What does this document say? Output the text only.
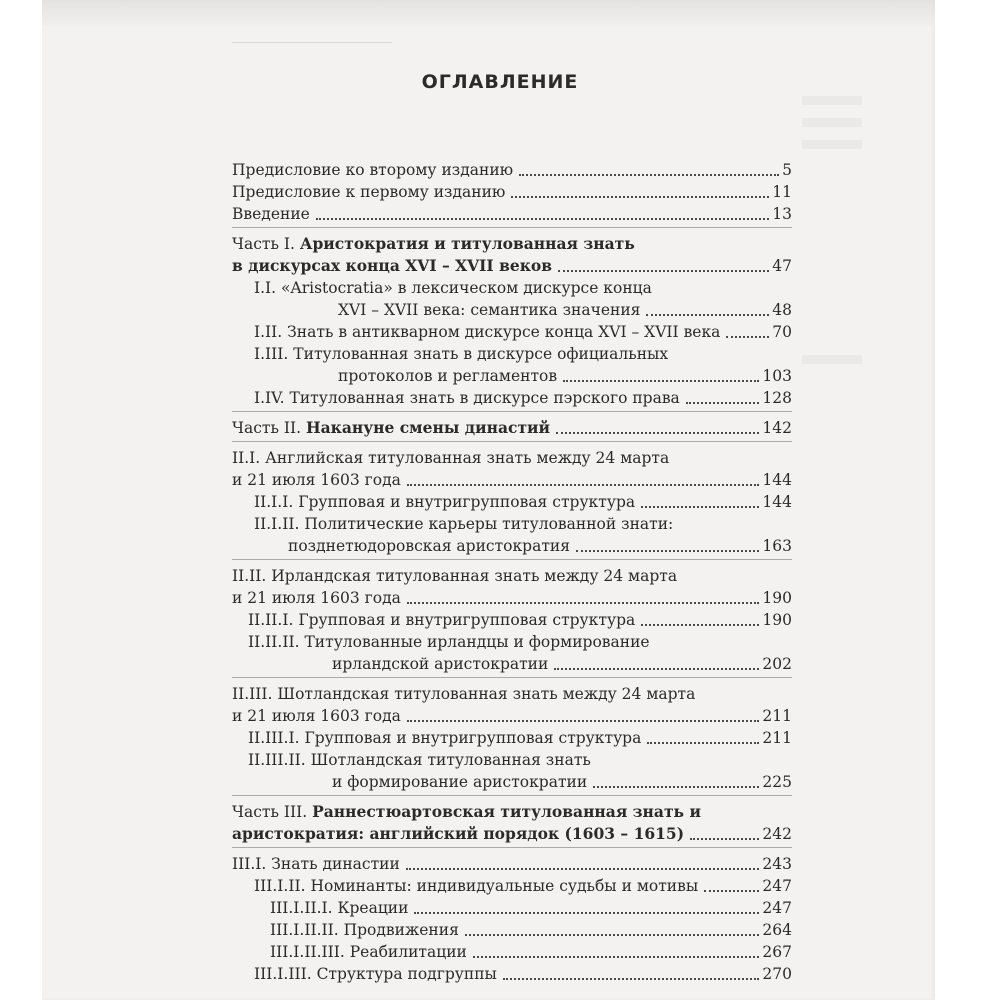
ОГЛАВЛЕНИЕ
Предисловие ко второму изданию	5
Предисловие к первому изданию	11
Введение	13
Часть I. Аристократия и титулованная знать
в дискурсах конца XVI – XVII веков	47
I.I. «Aristocratia» в лексическом дискурсе конца
XVI – XVII века: семантика значения	48
I.II. Знать в антикварном дискурсе конца XVI – XVII века	70
I.III. Титулованная знать в дискурсе официальных
протоколов и регламентов	103
I.IV. Титулованная знать в дискурсе пэрского права	128
Часть II. Накануне смены династий	142
II.I. Английская титулованная знать между 24 марта
и 21 июля 1603 года	144
II.I.I. Групповая и внутригрупповая структура	144
II.I.II. Политические карьеры титулованной знати:
позднетюдоровская аристократия	163
II.II. Ирландская титулованная знать между 24 марта
и 21 июля 1603 года	190
II.II.I. Групповая и внутригрупповая структура	190
II.II.II. Титулованные ирландцы и формирование
ирландской аристократии	202
II.III. Шотландская титулованная знать между 24 марта
и 21 июля 1603 года	211
II.III.I. Групповая и внутригрупповая структура	211
II.III.II. Шотландская титулованная знать
и формирование аристократии	225
Часть III. Раннестюартовская титулованная знать и
аристократия: английский порядок (1603 – 1615)	242
III.I. Знать династии	243
III.I.II. Номинанты: индивидуальные судьбы и мотивы	247
III.I.II.I. Креации	247
III.I.II.II. Продвижения	264
III.I.II.III. Реабилитации	267
III.I.III. Структура подгруппы	270
